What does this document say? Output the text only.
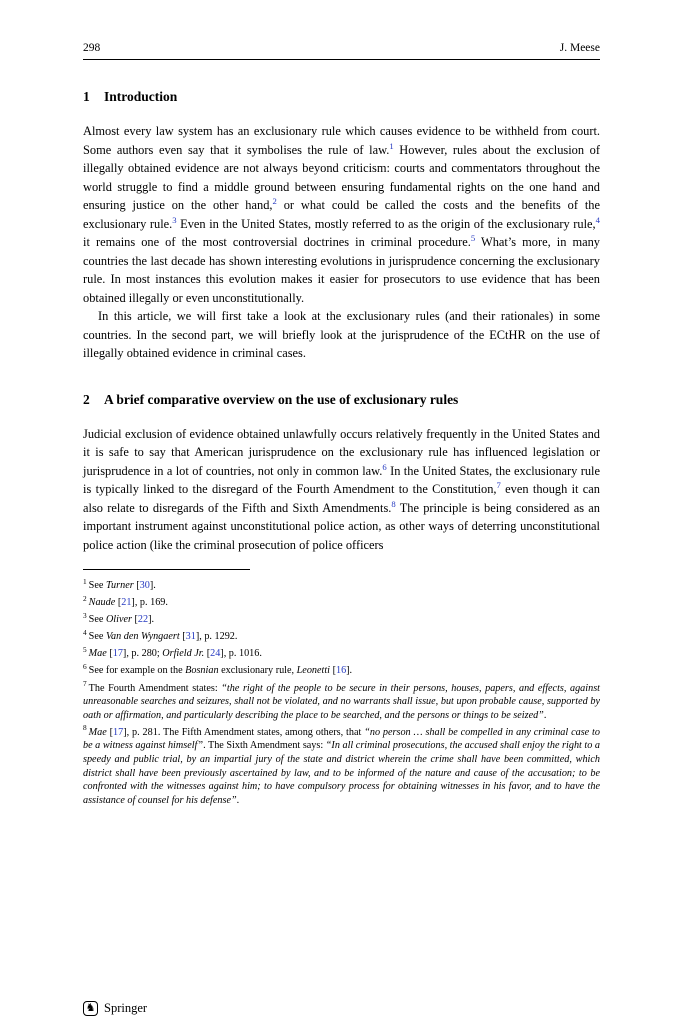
298	J. Meese
1 Introduction

Almost every law system has an exclusionary rule which causes evidence to be withheld from court. Some authors even say that it symbolises the rule of law.$^1$ However, rules about the exclusion of illegally obtained evidence are not always beyond criticism: courts and commentators throughout the world struggle to find a middle ground between ensuring fundamental rights on the one hand and ensuring justice on the other hand,$^2$ or what could be called the costs and the benefits of the exclusionary rule.$^3$ Even in the United States, mostly referred to as the origin of the exclusionary rule,$^4$ it remains one of the most controversial doctrines in criminal procedure.$^5$ What’s more, in many countries the last decade has shown interesting evolutions in jurisprudence concerning the exclusionary rule. In most instances this evolution makes it easier for prosecutors to use evidence that has been obtained illegally or even unconstitutionally.

In this article, we will first take a look at the exclusionary rules (and their rationales) in some countries. In the second part, we will briefly look at the jurisprudence of the ECtHR on the use of illegally obtained evidence in criminal cases.

2 A brief comparative overview on the use of exclusionary rules

Judicial exclusion of evidence obtained unlawfully occurs relatively frequently in the United States and it is safe to say that American jurisprudence on the exclusionary rule has influenced legislation or jurisprudence in a lot of countries, not only in common law.$^6$ In the United States, the exclusionary rule is typically linked to the disregard of the Fourth Amendment to the Constitution,$^7$ even though it can also relate to disregards of the Fifth and Sixth Amendments.$^8$ The principle is being considered as an important instrument against unconstitutional police action, as other ways of deterring unconstitutional police action (like the criminal prosecution of police officers

$^1$ See Turner [30].
$^2$ Naude [21], p. 169.
$^3$ See Oliver [22].
$^4$ See Van den Wyngaert [31], p. 1292.
$^5$ Mae [17], p. 280; Orfield Jr. [24], p. 1016.
$^6$ See for example on the Bosnian exclusionary rule, Leonetti [16].
$^7$ The Fourth Amendment states: “the right of the people to be secure in their persons, houses, papers, and effects, against unreasonable searches and seizures, shall not be violated, and no warrants shall issue, but upon probable cause, supported by oath or affirmation, and particularly describing the place to be searched, and the persons or things to be seized”.
$^8$ Mae [17], p. 281. The Fifth Amendment states, among others, that “no person … shall be compelled in any criminal case to be a witness against himself”. The Sixth Amendment says: “In all criminal prosecutions, the accused shall enjoy the right to a speedy and public trial, by an impartial jury of the state and district wherein the crime shall have been committed, which district shall have been previously ascertained by law, and to be informed of the nature and cause of the accusation; to be confronted with the witnesses against him; to have compulsory process for obtaining witnesses in his favor, and to have the assistance of counsel for his defense”.
♞ Springer
